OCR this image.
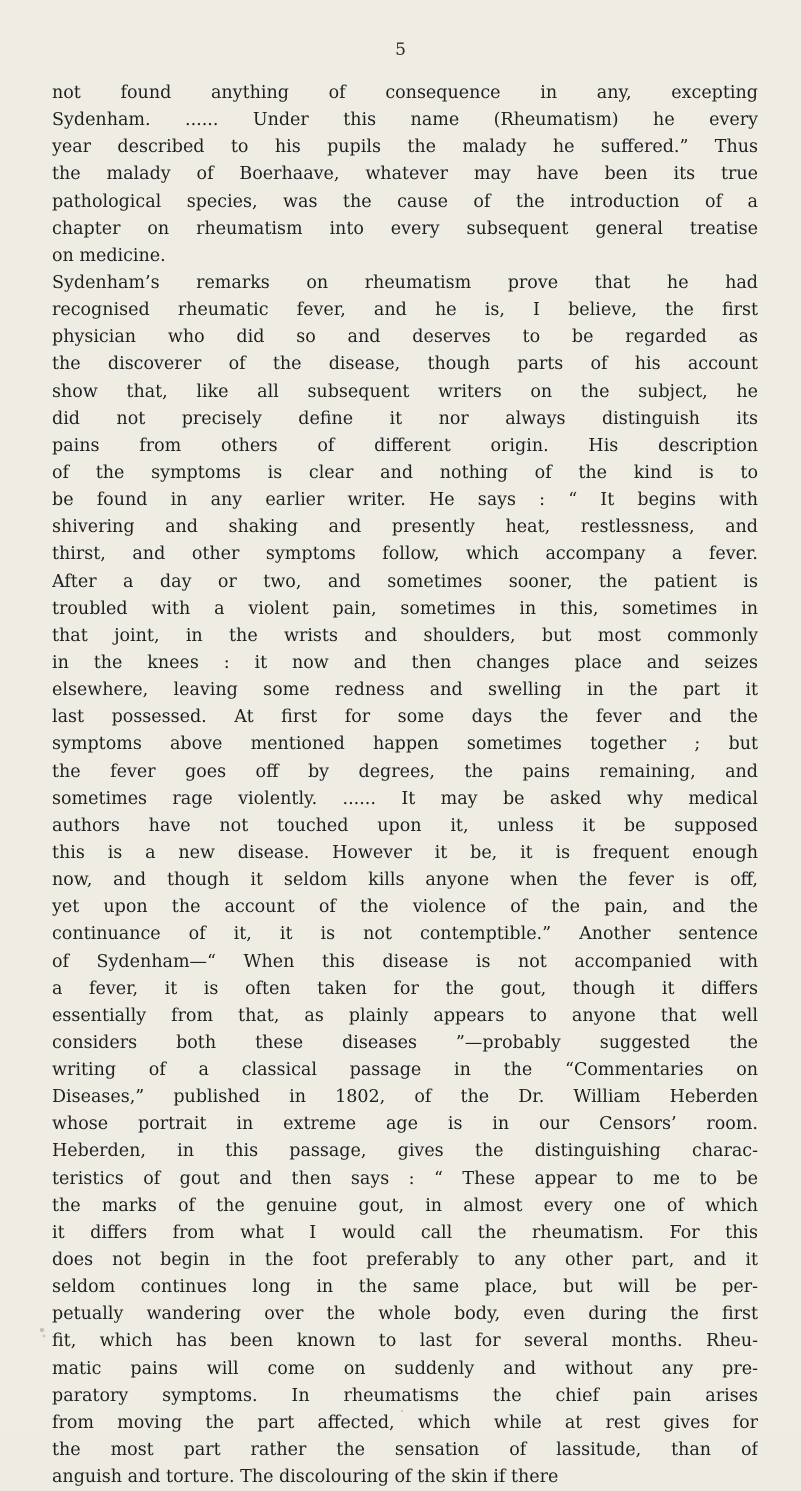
5
not found anything of consequence in any, excepting
Sydenham. ...... Under this name (Rheumatism) he every
year described to his pupils the malady he suffered.” Thus
the malady of Boerhaave, whatever may have been its true
pathological species, was the cause of the introduction of a
chapter on rheumatism into every subsequent general treatise
on medicine.
Sydenham’s remarks on rheumatism prove that he had
recognised rheumatic fever, and he is, I believe, the first
physician who did so and deserves to be regarded as
the discoverer of the disease, though parts of his account
show that, like all subsequent writers on the subject, he
did not precisely define it nor always distinguish its
pains from others of different origin. His description
of the symptoms is clear and nothing of the kind is to
be found in any earlier writer. He says : “ It begins with
shivering and shaking and presently heat, restlessness, and
thirst, and other symptoms follow, which accompany a fever.
After a day or two, and sometimes sooner, the patient is
troubled with a violent pain, sometimes in this, sometimes in
that joint, in the wrists and shoulders, but most commonly
in the knees : it now and then changes place and seizes
elsewhere, leaving some redness and swelling in the part it
last possessed. At first for some days the fever and the
symptoms above mentioned happen sometimes together ; but
the fever goes off by degrees, the pains remaining, and
sometimes rage violently. ...... It may be asked why medical
authors have not touched upon it, unless it be supposed
this is a new disease. However it be, it is frequent enough
now, and though it seldom kills anyone when the fever is off,
yet upon the account of the violence of the pain, and the
continuance of it, it is not contemptible.” Another sentence
of Sydenham—“ When this disease is not accompanied with
a fever, it is often taken for the gout, though it differs
essentially from that, as plainly appears to anyone that well
considers both these diseases ”—probably suggested the
writing of a classical passage in the “Commentaries on
Diseases,” published in 1802, of the Dr. William Heberden
whose portrait in extreme age is in our Censors’ room.
Heberden, in this passage, gives the distinguishing charac-
teristics of gout and then says : “ These appear to me to be
the marks of the genuine gout, in almost every one of which
it differs from what I would call the rheumatism. For this
does not begin in the foot preferably to any other part, and it
seldom continues long in the same place, but will be per-
petually wandering over the whole body, even during the first
fit, which has been known to last for several months. Rheu-
matic pains will come on suddenly and without any pre-
paratory symptoms. In rheumatisms the chief pain arises
from moving the part affected, which while at rest gives for
the most part rather the sensation of lassitude, than of
anguish and torture. The discolouring of the skin if there
